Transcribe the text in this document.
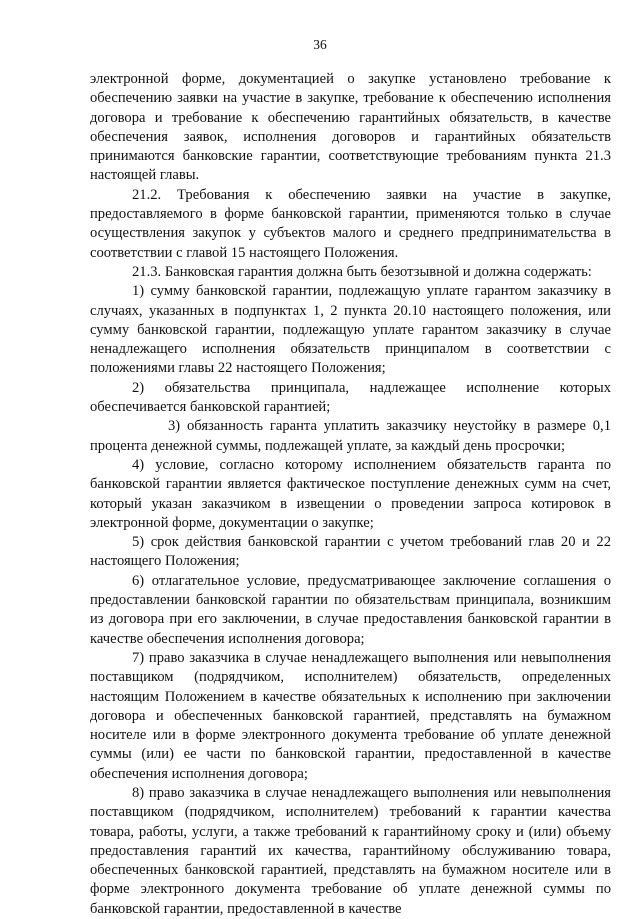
36

электронной форме, документацией о закупке установлено требование к обеспечению заявки на участие в закупке, требование к обеспечению исполнения договора и требование к обеспечению гарантийных обязательств, в качестве обеспечения заявок, исполнения договоров и гарантийных обязательств принимаются банковские гарантии, соответствующие требованиям пункта 21.3 настоящей главы.

21.2. Требования к обеспечению заявки на участие в закупке, предоставляемого в форме банковской гарантии, применяются только в случае осуществления закупок у субъектов малого и среднего предпринимательства в соответствии с главой 15 настоящего Положения.

21.3. Банковская гарантия должна быть безотзывной и должна содержать:

1) сумму банковской гарантии, подлежащую уплате гарантом заказчику в случаях, указанных в подпунктах 1, 2 пункта 20.10 настоящего положения, или сумму банковской гарантии, подлежащую уплате гарантом заказчику в случае ненадлежащего исполнения обязательств принципалом в соответствии с положениями главы 22 настоящего Положения;

2) обязательства принципала, надлежащее исполнение которых обеспечивается банковской гарантией;

3) обязанность гаранта уплатить заказчику неустойку в размере 0,1 процента денежной суммы, подлежащей уплате, за каждый день просрочки;

4) условие, согласно которому исполнением обязательств гаранта по банковской гарантии является фактическое поступление денежных сумм на счет, который указан заказчиком в извещении о проведении запроса котировок в электронной форме, документации о закупке;

5) срок действия банковской гарантии с учетом требований глав 20 и 22 настоящего Положения;

6) отлагательное условие, предусматривающее заключение соглашения о предоставлении банковской гарантии по обязательствам принципала, возникшим из договора при его заключении, в случае предоставления банковской гарантии в качестве обеспечения исполнения договора;

7) право заказчика в случае ненадлежащего выполнения или невыполнения поставщиком (подрядчиком, исполнителем) обязательств, определенных настоящим Положением в качестве обязательных к исполнению при заключении договора и обеспеченных банковской гарантией, представлять на бумажном носителе или в форме электронного документа требование об уплате денежной суммы (или) ее части по банковской гарантии, предоставленной в качестве обеспечения исполнения договора;

8) право заказчика в случае ненадлежащего выполнения или невыполнения поставщиком (подрядчиком, исполнителем) требований к гарантии качества товара, работы, услуги, а также требований к гарантийному сроку и (или) объему предоставления гарантий их качества, гарантийному обслуживанию товара, обеспеченных банковской гарантией, представлять на бумажном носителе или в форме электронного документа требование об уплате денежной суммы по банковской гарантии, предоставленной в качестве
